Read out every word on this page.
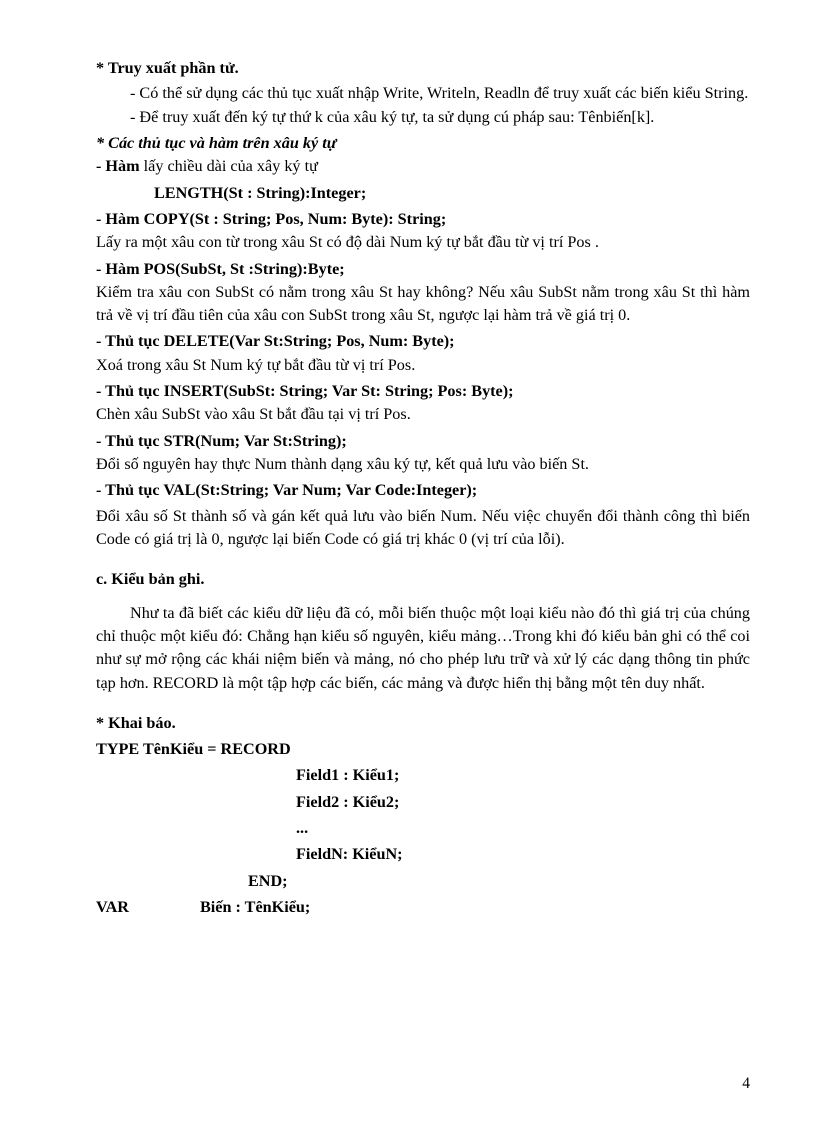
* Truy xuất phần tử.

- Có thể sử dụng các thủ tục xuất nhập Write, Writeln, Readln để truy xuất các biến kiểu String.

- Để truy xuất đến ký tự thứ k của xâu ký tự, ta sử dụng cú pháp sau: Tênbiến[k].

* Các thủ tục và hàm trên xâu ký tự

- Hàm lấy chiều dài của xây ký tự

LENGTH(St : String):Integer;

- Hàm COPY(St : String; Pos, Num: Byte): String;

Lấy ra một xâu con từ trong xâu St có độ dài Num ký tự bắt đầu từ vị trí Pos .

- Hàm POS(SubSt, St :String):Byte;

Kiểm tra xâu con SubSt có nằm trong xâu St hay không? Nếu xâu SubSt nằm trong xâu St thì hàm trả về vị trí đầu tiên của xâu con SubSt trong xâu St, ngược lại hàm trả về giá trị 0.

- Thủ tục DELETE(Var St:String; Pos, Num: Byte);

Xoá trong xâu St Num ký tự bắt đầu từ vị trí Pos.

- Thủ tục INSERT(SubSt: String; Var St: String; Pos: Byte);

Chèn xâu SubSt vào xâu St bắt đầu tại vị trí Pos.

- Thủ tục STR(Num; Var St:String);

Đổi số nguyên hay thực Num thành dạng xâu ký tự, kết quả lưu vào biến St.

- Thủ tục VAL(St:String; Var Num; Var Code:Integer);

Đổi xâu số St thành số và gán kết quả lưu vào biến Num. Nếu việc chuyển đổi thành công thì biến Code có giá trị là 0, ngược lại biến Code có giá trị khác 0 (vị trí của lỗi).

c. Kiểu bản ghi.

Như ta đã biết các kiểu dữ liệu đã có, mỗi biến thuộc một loại kiểu nào đó thì giá trị của chúng chỉ thuộc một kiểu đó: Chẳng hạn kiểu số nguyên, kiểu mảng…Trong khi đó kiểu bản ghi có thể coi như sự mở rộng các khái niệm biến và mảng, nó cho phép lưu trữ và xử lý các dạng thông tin phức tạp hơn. RECORD là một tập hợp các biến, các mảng và được hiển thị bằng một tên duy nhất.

* Khai báo.

TYPE TênKiểu = RECORD

Field1 : Kiểu1;

Field2 : Kiểu2;

...

FieldN: KiểuN;

END;

VAR	Biến : TênKiểu;

4
